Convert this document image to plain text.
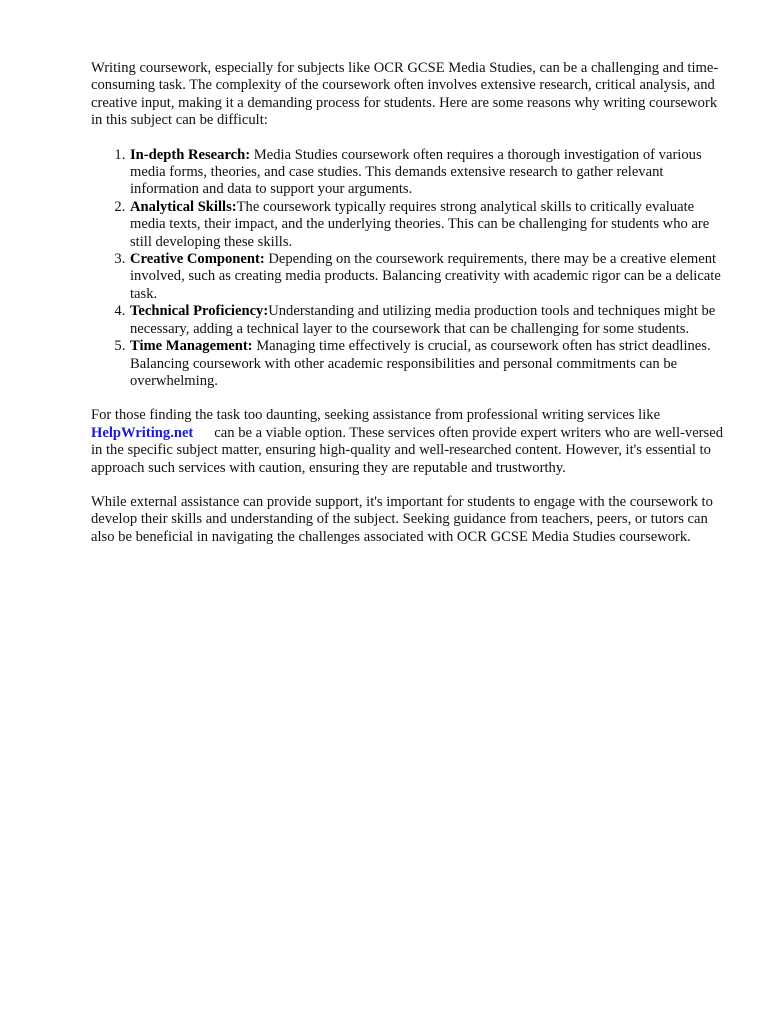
Writing coursework, especially for subjects like OCR GCSE Media Studies, can be a challenging and time-consuming task. The complexity of the coursework often involves extensive research, critical analysis, and creative input, making it a demanding process for students. Here are some reasons why writing coursework in this subject can be difficult:

1. In-depth Research: Media Studies coursework often requires a thorough investigation of various media forms, theories, and case studies. This demands extensive research to gather relevant information and data to support your arguments.
2. Analytical Skills:The coursework typically requires strong analytical skills to critically evaluate media texts, their impact, and the underlying theories. This can be challenging for students who are still developing these skills.
3. Creative Component: Depending on the coursework requirements, there may be a creative element involved, such as creating media products. Balancing creativity with academic rigor can be a delicate task.
4. Technical Proficiency:Understanding and utilizing media production tools and techniques might be necessary, adding a technical layer to the coursework that can be challenging for some students.
5. Time Management: Managing time effectively is crucial, as coursework often has strict deadlines. Balancing coursework with other academic responsibilities and personal commitments can be overwhelming.

For those finding the task too daunting, seeking assistance from professional writing services like HelpWriting.net can be a viable option. These services often provide expert writers who are well-versed in the specific subject matter, ensuring high-quality and well-researched content. However, it's essential to approach such services with caution, ensuring they are reputable and trustworthy.

While external assistance can provide support, it's important for students to engage with the coursework to develop their skills and understanding of the subject. Seeking guidance from teachers, peers, or tutors can also be beneficial in navigating the challenges associated with OCR GCSE Media Studies coursework.
